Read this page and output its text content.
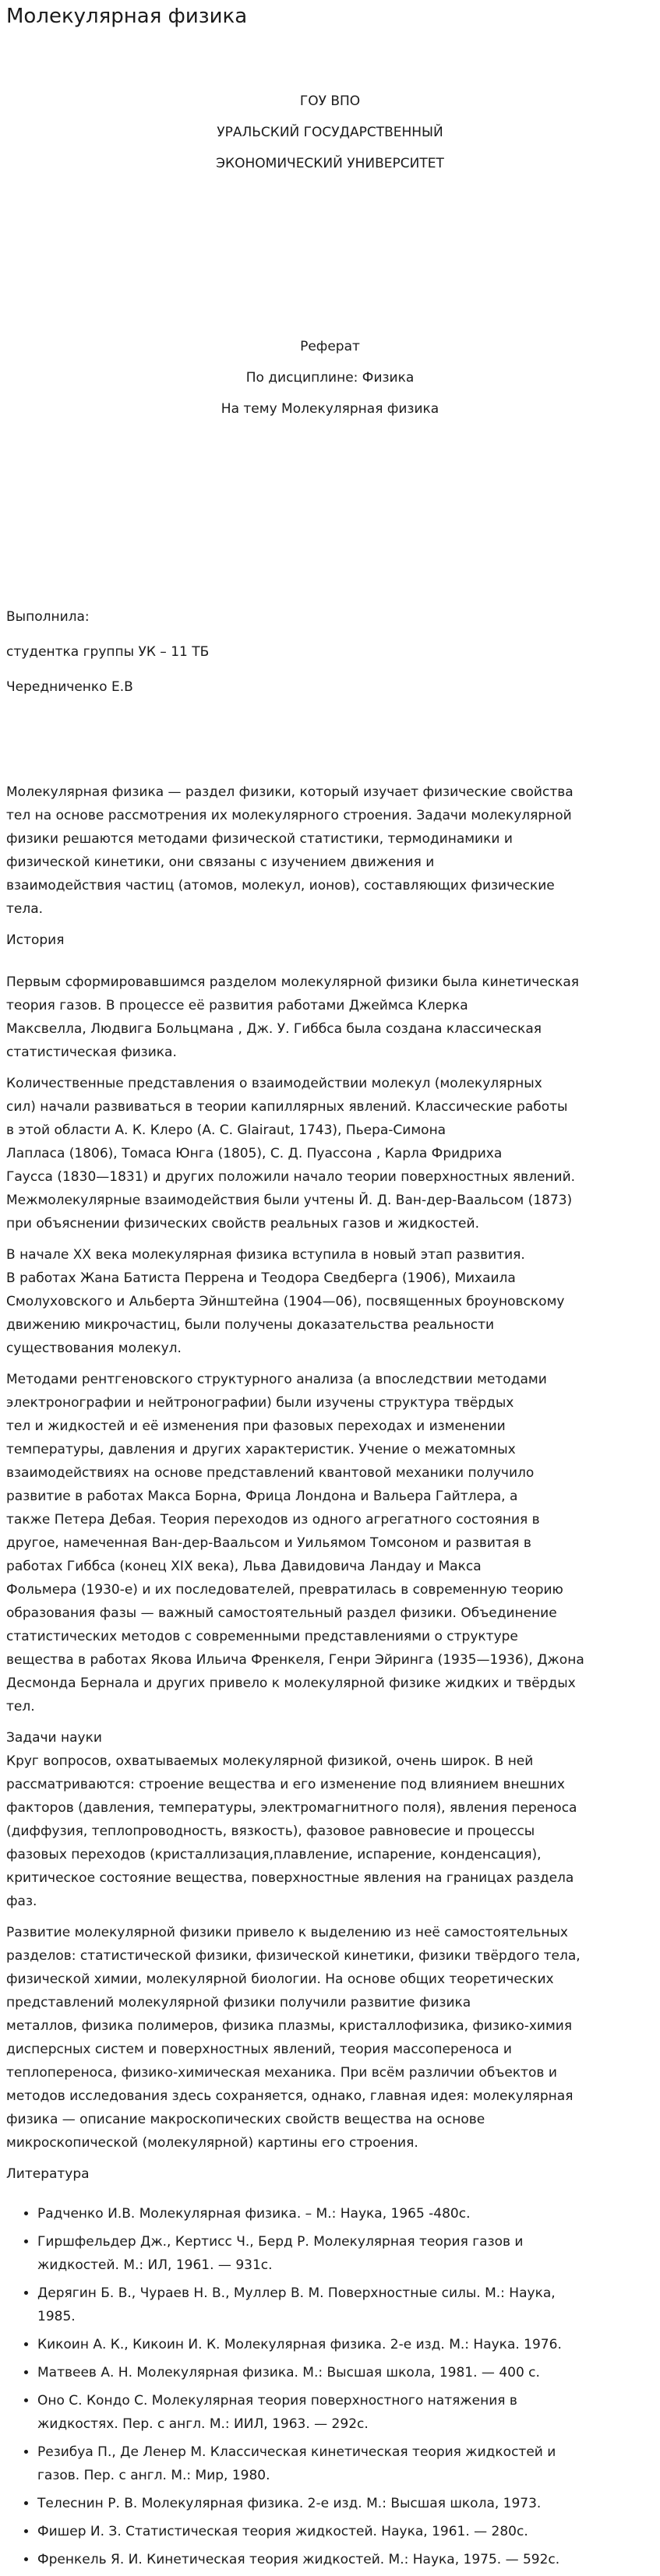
Молекулярная физика
ГОУ ВПО
УРАЛЬСКИЙ ГОСУДАРСТВЕННЫЙ
ЭКОНОМИЧЕСКИЙ УНИВЕРСИТЕТ
Реферат
По дисциплине: Физика
На тему Молекулярная физика
Выполнила:
студентка группы УК – 11 ТБ
Чередниченко Е.В

Молекулярная физика — раздел физики, который изучает физические свойства
тел на основе рассмотрения их молекулярного строения. Задачи молекулярной
физики решаются методами физической статистики, термодинамики и
физической кинетики, они связаны с изучением движения и
взаимодействия частиц (атомов, молекул, ионов), составляющих физические
тела.

История

Первым сформировавшимся разделом молекулярной физики была кинетическая
теория газов. В процессе её развития работами Джеймса Клерка
Максвелла, Людвига Больцмана , Дж. У. Гиббса была создана классическая
статистическая физика.

Количественные представления о взаимодействии молекул (молекулярных
сил) начали развиваться в теории капиллярных явлений. Классические работы
в этой области А. К. Клеро (А. С. Glairaut, 1743), Пьера-Симона
Лапласа (1806), Томаса Юнга (1805), С. Д. Пуассона , Карла Фридриха
Гаусса (1830—1831) и других положили начало теории поверхностных явлений.
Межмолекулярные взаимодействия были учтены Й. Д. Ван-дер-Ваальсом (1873)
при объяснении физических свойств реальных газов и жидкостей.

В начале XX века молекулярная физика вступила в новый этап развития.
В работах Жана Батиста Перрена и Теодора Сведберга (1906), Михаила
Смолуховского и Альберта Эйнштейна (1904—06), посвященных броуновскому
движению микрочастиц, были получены доказательства реальности
существования молекул.

Методами рентгеновского структурного анализа (а впоследствии методами
электронографии и нейтронографии) были изучены структура твёрдых
тел и жидкостей и её изменения при фазовых переходах и изменении
температуры, давления и других характеристик. Учение о межатомных
взаимодействиях на основе представлений квантовой механики получило
развитие в работах Макса Борна, Фрица Лондона и Вальера Гайтлера, а
также Петера Дебая. Теория переходов из одного агрегатного состояния в
другое, намеченная Ван-дер-Ваальсом и Уильямом Томсоном и развитая в
работах Гиббса (конец XIX века), Льва Давидовича Ландау и Макса
Фольмера (1930-е) и их последователей, превратилась в современную теорию
образования фазы — важный самостоятельный раздел физики. Объединение
статистических методов с современными представлениями о структуре
вещества в работах Якова Ильича Френкеля, Генри Эйринга (1935—1936), Джона
Десмонда Бернала и других привело к молекулярной физике жидких и твёрдых
тел.

Задачи науки

Круг вопросов, охватываемых молекулярной физикой, очень широк. В ней
рассматриваются: строение вещества и его изменение под влиянием внешних
факторов (давления, температуры, электромагнитного поля), явления переноса
(диффузия, теплопроводность, вязкость), фазовое равновесие и процессы
фазовых переходов (кристаллизация,плавление, испарение, конденсация),
критическое состояние вещества, поверхностные явления на границах раздела
фаз.

Развитие молекулярной физики привело к выделению из неё самостоятельных
разделов: статистической физики, физической кинетики, физики твёрдого тела,
физической химии, молекулярной биологии. На основе общих теоретических
представлений молекулярной физики получили развитие физика
металлов, физика полимеров, физика плазмы, кристаллофизика, физико-химия
дисперсных систем и поверхностных явлений, теория массопереноса и
теплопереноса, физико-химическая механика. При всём различии объектов и
методов исследования здесь сохраняется, однако, главная идея: молекулярная
физика — описание макроскопических свойств вещества на основе
микроскопической (молекулярной) картины его строения.

Литература
• Радченко И.В. Молекулярная физика. – М.: Наука, 1965 -480с.
• Гиршфельдер Дж., Кертисс Ч., Берд Р. Молекулярная теория газов и
жидкостей. М.: ИЛ, 1961. — 931с.
• Дерягин Б. В., Чураев Н. В., Муллер В. М. Поверхностные силы. М.: Наука,
1985.
• Кикоин А. К., Кикоин И. К. Молекулярная физика. 2-е изд. М.: Наука. 1976.
• Матвеев А. Н. Молекулярная физика. М.: Высшая школа, 1981. — 400 с.
• Оно С. Кондо С. Молекулярная теория поверхностного натяжения в
жидкостях. Пер. с англ. М.: ИИЛ, 1963. — 292с.
• Резибуа П., Де Ленер М. Классическая кинетическая теория жидкостей и
газов. Пер. с англ. М.: Мир, 1980.
• Телеснин Р. В. Молекулярная физика. 2-е изд. М.: Высшая школа, 1973.
• Фишер И. З. Статистическая теория жидкостей. Наука, 1961. — 280с.
• Френкель Я. И. Кинетическая теория жидкостей. М.: Наука, 1975. — 592с.
